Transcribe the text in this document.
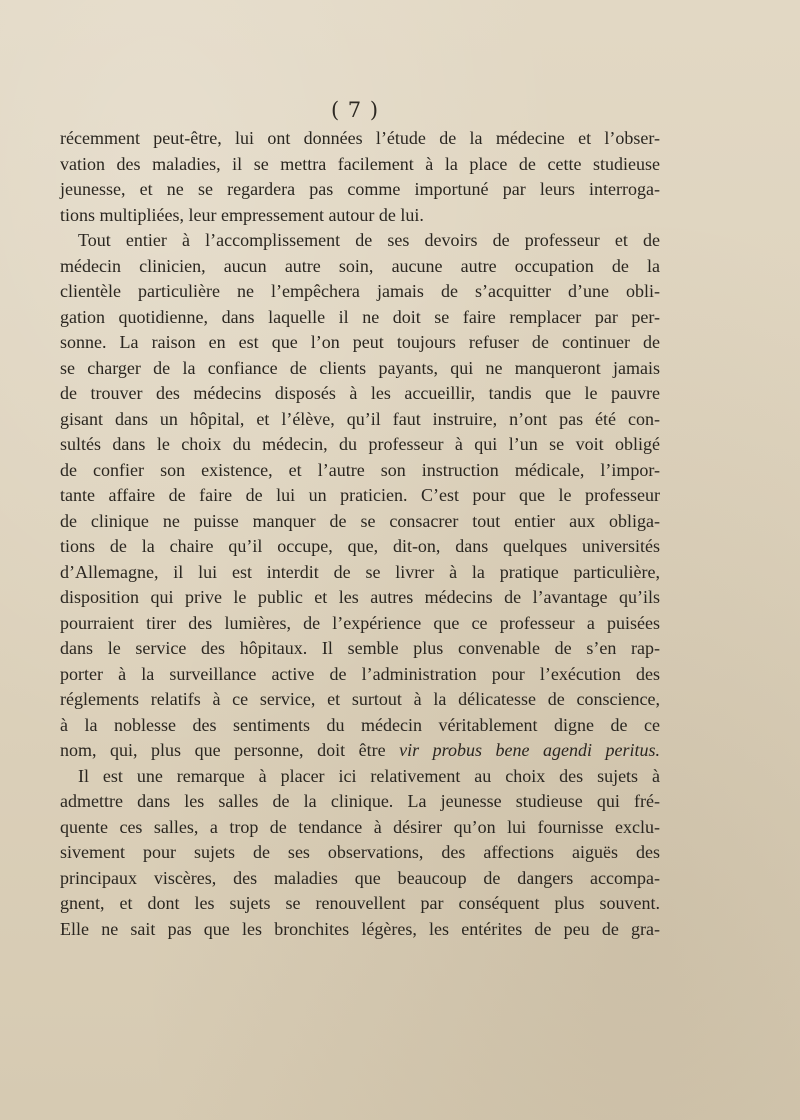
( 7 )
récemment peut-être, lui ont données l’étude de la médecine et l’obser-
vation des maladies, il se mettra facilement à la place de cette studieuse
jeunesse, et ne se regardera pas comme importuné par leurs interroga-
tions multipliées, leur empressement autour de lui.
Tout entier à l’accomplissement de ses devoirs de professeur et de
médecin clinicien, aucun autre soin, aucune autre occupation de la
clientèle particulière ne l’empêchera jamais de s’acquitter d’une obli-
gation quotidienne, dans laquelle il ne doit se faire remplacer par per-
sonne. La raison en est que l’on peut toujours refuser de continuer de
se charger de la confiance de clients payants, qui ne manqueront jamais
de trouver des médecins disposés à les accueillir, tandis que le pauvre
gisant dans un hôpital, et l’élève, qu’il faut instruire, n’ont pas été con-
sultés dans le choix du médecin, du professeur à qui l’un se voit obligé
de confier son existence, et l’autre son instruction médicale, l’impor-
tante affaire de faire de lui un praticien. C’est pour que le professeur
de clinique ne puisse manquer de se consacrer tout entier aux obliga-
tions de la chaire qu’il occupe, que, dit-on, dans quelques universités
d’Allemagne, il lui est interdit de se livrer à la pratique particulière,
disposition qui prive le public et les autres médecins de l’avantage qu’ils
pourraient tirer des lumières, de l’expérience que ce professeur a puisées
dans le service des hôpitaux. Il semble plus convenable de s’en rap-
porter à la surveillance active de l’administration pour l’exécution des
réglements relatifs à ce service, et surtout à la délicatesse de conscience,
à la noblesse des sentiments du médecin véritablement digne de ce
nom, qui, plus que personne, doit être vir probus bene agendi peritus.
Il est une remarque à placer ici relativement au choix des sujets à
admettre dans les salles de la clinique. La jeunesse studieuse qui fré-
quente ces salles, a trop de tendance à désirer qu’on lui fournisse exclu-
sivement pour sujets de ses observations, des affections aiguës des
principaux viscères, des maladies que beaucoup de dangers accompa-
gnent, et dont les sujets se renouvellent par conséquent plus souvent.
Elle ne sait pas que les bronchites légères, les entérites de peu de gra-
